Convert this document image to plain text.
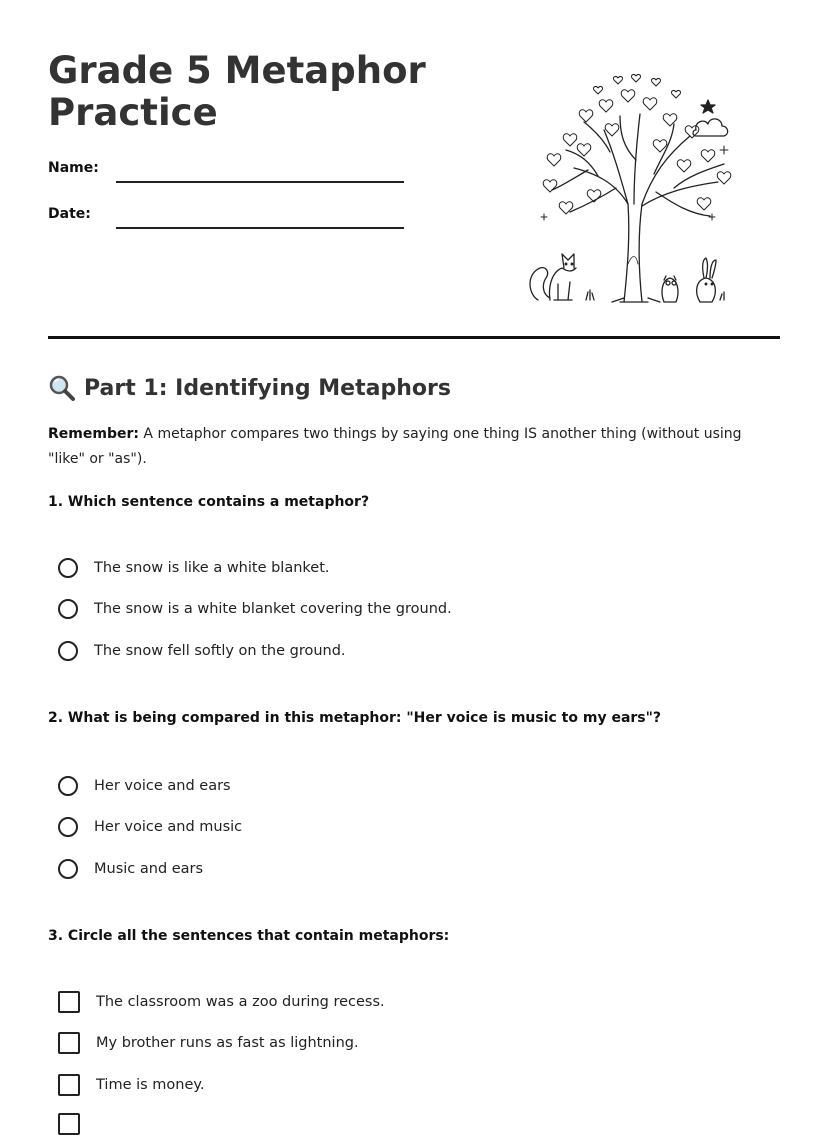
Grade 5 Metaphor
Practice
Name:
Date:
Part 1: Identifying Metaphors

Remember: A metaphor compares two things by saying one thing IS another thing (without using "like" or "as").

1. Which sentence contains a metaphor?

The snow is like a white blanket.
The snow is a white blanket covering the ground.
The snow fell softly on the ground.

2. What is being compared in this metaphor: "Her voice is music to my ears"?

Her voice and ears
Her voice and music
Music and ears

3. Circle all the sentences that contain metaphors:

The classroom was a zoo during recess.
My brother runs as fast as lightning.
Time is money.
